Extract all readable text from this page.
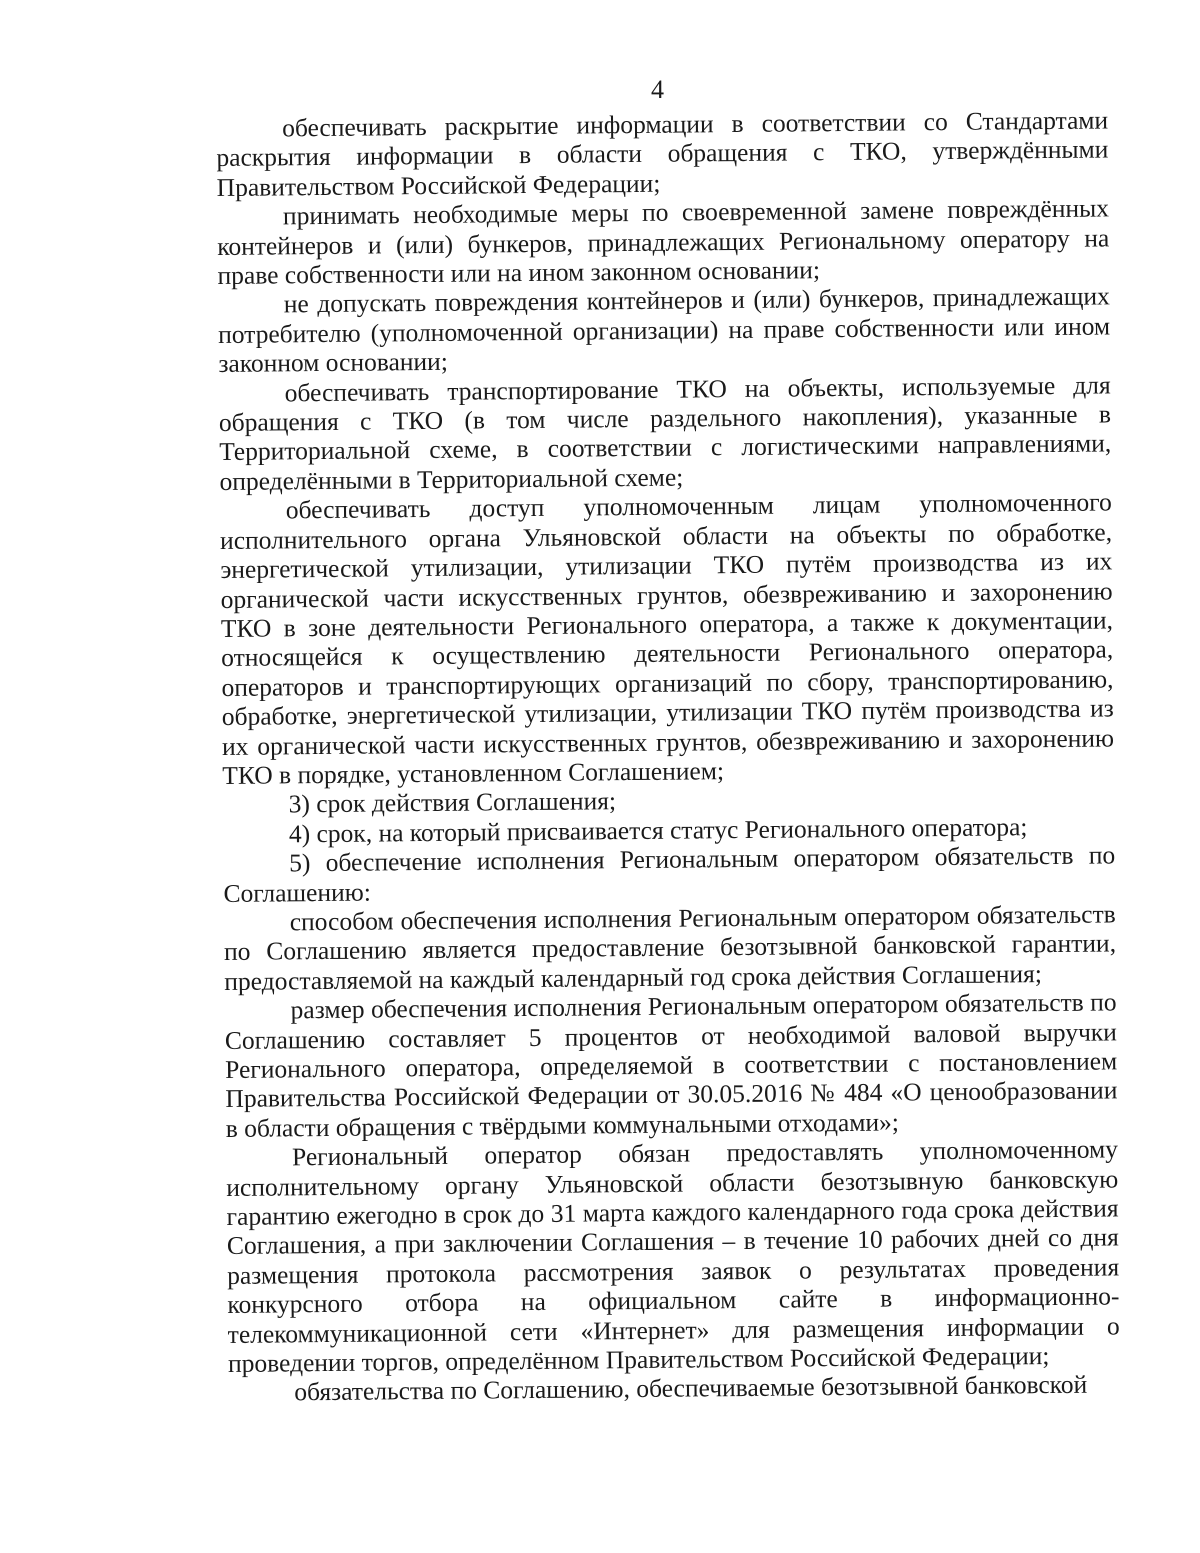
4

обеспечивать раскрытие информации в соответствии со Стандартами раскрытия информации в области обращения с ТКО, утверждёнными Правительством Российской Федерации;

принимать необходимые меры по своевременной замене повреждённых контейнеров и (или) бункеров, принадлежащих Региональному оператору на праве собственности или на ином законном основании;

не допускать повреждения контейнеров и (или) бункеров, принадлежащих потребителю (уполномоченной организации) на праве собственности или ином законном основании;

обеспечивать транспортирование ТКО на объекты, используемые для обращения с ТКО (в том числе раздельного накопления), указанные в Территориальной схеме, в соответствии с логистическими направлениями, определёнными в Территориальной схеме;

обеспечивать доступ уполномоченным лицам уполномоченного исполнительного органа Ульяновской области на объекты по обработке, энергетической утилизации, утилизации ТКО путём производства из их органической части искусственных грунтов, обезвреживанию и захоронению ТКО в зоне деятельности Регионального оператора, а также к документации, относящейся к осуществлению деятельности Регионального оператора, операторов и транспортирующих организаций по сбору, транспортированию, обработке, энергетической утилизации, утилизации ТКО путём производства из их органической части искусственных грунтов, обезвреживанию и захоронению ТКО в порядке, установленном Соглашением;

3) срок действия Соглашения;

4) срок, на который присваивается статус Регионального оператора;

5) обеспечение исполнения Региональным оператором обязательств по Соглашению:

способом обеспечения исполнения Региональным оператором обязательств по Соглашению является предоставление безотзывной банковской гарантии, предоставляемой на каждый календарный год срока действия Соглашения;

размер обеспечения исполнения Региональным оператором обязательств по Соглашению составляет 5 процентов от необходимой валовой выручки Регионального оператора, определяемой в соответствии с постановлением Правительства Российской Федерации от 30.05.2016 № 484 «О ценообразовании в области обращения с твёрдыми коммунальными отходами»;

Региональный оператор обязан предоставлять уполномоченному исполнительному органу Ульяновской области безотзывную банковскую гарантию ежегодно в срок до 31 марта каждого календарного года срока действия Соглашения, а при заключении Соглашения – в течение 10 рабочих дней со дня размещения протокола рассмотрения заявок о результатах проведения конкурсного отбора на официальном сайте в информационно-телекоммуникационной сети «Интернет» для размещения информации о проведении торгов, определённом Правительством Российской Федерации;

обязательства по Соглашению, обеспечиваемые безотзывной банковской
